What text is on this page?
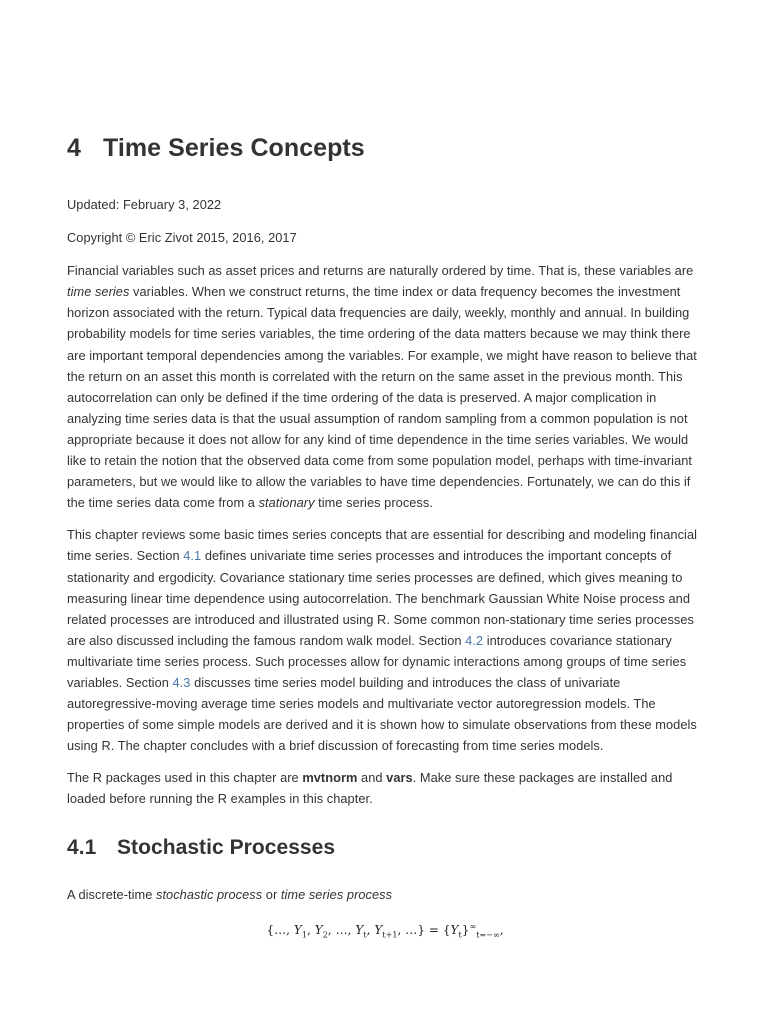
4 Time Series Concepts

Updated: February 3, 2022

Copyright © Eric Zivot 2015, 2016, 2017

Financial variables such as asset prices and returns are naturally ordered by time. That is, these variables are time series variables. When we construct returns, the time index or data frequency becomes the investment horizon associated with the return. Typical data frequencies are daily, weekly, monthly and annual. In building probability models for time series variables, the time ordering of the data matters because we may think there are important temporal dependencies among the variables. For example, we might have reason to believe that the return on an asset this month is correlated with the return on the same asset in the previous month. This autocorrelation can only be defined if the time ordering of the data is preserved. A major complication in analyzing time series data is that the usual assumption of random sampling from a common population is not appropriate because it does not allow for any kind of time dependence in the time series variables. We would like to retain the notion that the observed data come from some population model, perhaps with time-invariant parameters, but we would like to allow the variables to have time dependencies. Fortunately, we can do this if the time series data come from a stationary time series process.

This chapter reviews some basic times series concepts that are essential for describing and modeling financial time series. Section 4.1 defines univariate time series processes and introduces the important concepts of stationarity and ergodicity. Covariance stationary time series processes are defined, which gives meaning to measuring linear time dependence using autocorrelation. The benchmark Gaussian White Noise process and related processes are introduced and illustrated using R. Some common non-stationary time series processes are also discussed including the famous random walk model. Section 4.2 introduces covariance stationary multivariate time series process. Such processes allow for dynamic interactions among groups of time series variables. Section 4.3 discusses time series model building and introduces the class of univariate autoregressive-moving average time series models and multivariate vector autoregression models. The properties of some simple models are derived and it is shown how to simulate observations from these models using R. The chapter concludes with a brief discussion of forecasting from time series models.

The R packages used in this chapter are mvtnorm and vars. Make sure these packages are installed and loaded before running the R examples in this chapter.

4.1 Stochastic Processes

A discrete-time stochastic process or time series process

{…, $Y_1$, $Y_2$, …, $Y_t$, $Y_{t+1}$, …} = $\{Y_t\}^\infty_{t=-\infty}$,
